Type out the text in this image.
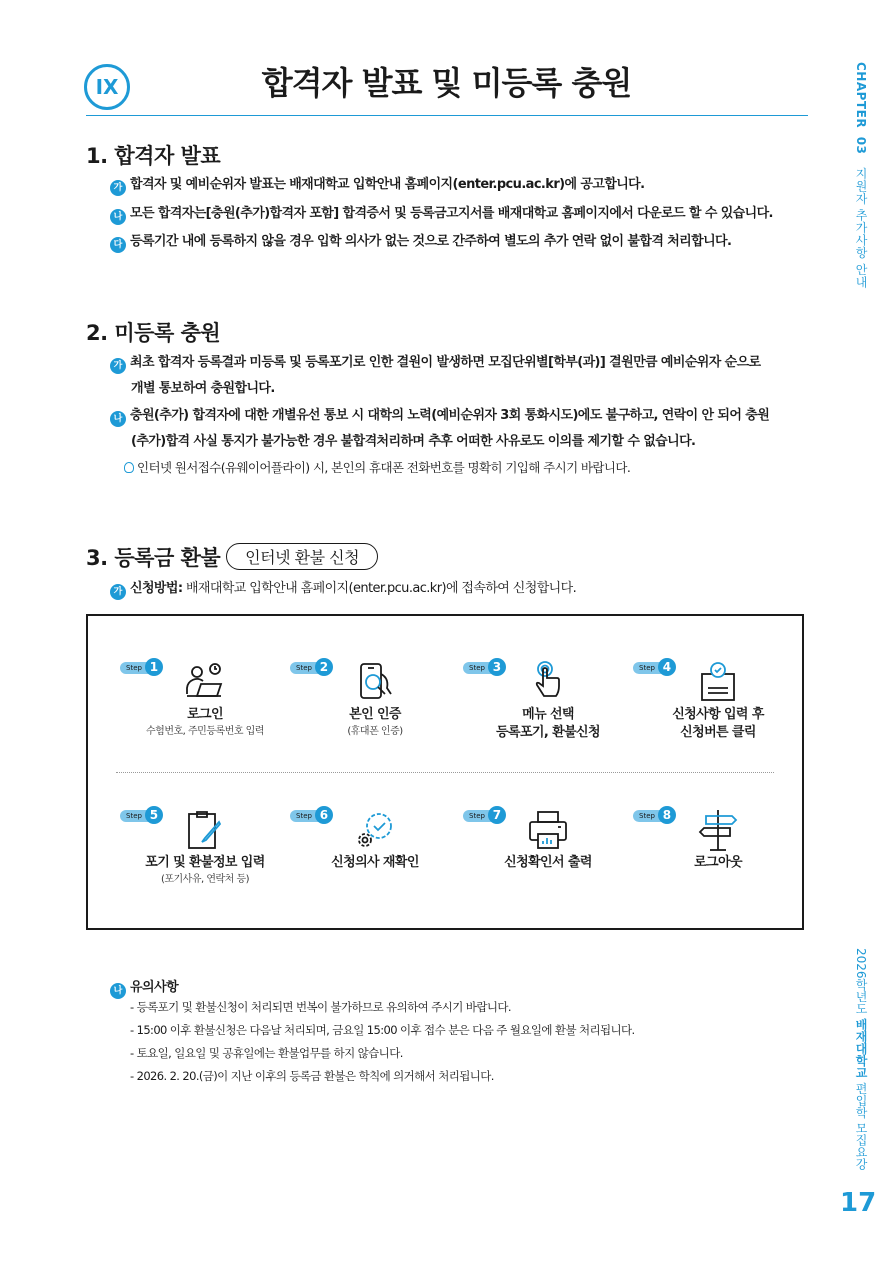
IX	합격자 발표 및 미등록 충원	CHAPTER  03   지원자 추가사항 안내
2026학년도 배재대학교 편입학 모집요강
17
1. 합격자 발표
가 합격자 및 예비순위자 발표는 배재대학교 입학안내 홈페이지(enter.pcu.ac.kr)에 공고합니다.
나 모든 합격자는[충원(추가)합격자 포함] 합격증서 및 등록금고지서를 배재대학교 홈페이지에서 다운로드 할 수 있습니다.
다 등록기간 내에 등록하지 않을 경우 입학 의사가 없는 것으로 간주하여 별도의 추가 연락 없이 불합격 처리합니다.
2. 미등록 충원
가 최초 합격자 등록결과 미등록 및 등록포기로 인한 결원이 발생하면 모집단위별[학부(과)] 결원만큼 예비순위자 순으로
개별 통보하여 충원합니다.
나 충원(추가) 합격자에 대한 개별유선 통보 시 대학의 노력(예비순위자 3회 통화시도)에도 불구하고, 연락이 안 되어 충원
(추가)합격 사실 통지가 불가능한 경우 불합격처리하며 추후 어떠한 사유로도 이의를 제기할 수 없습니다.
인터넷 원서접수(유웨이어플라이) 시, 본인의 휴대폰 전화번호를 명확히 기입해 주시기 바랍니다.
3. 등록금 환불 인터넷 환불 신청
가 신청방법: 배재대학교 입학안내 홈페이지(enter.pcu.ac.kr)에 접속하여 신청합니다.
Step 1
로그인
수험번호, 주민등록번호 입력
Step 2
본인 인증
(휴대폰 인증)
Step 3
메뉴 선택
등록포기, 환불신청
Step 4
신청사항 입력 후
신청버튼 클릭
Step 5
포기 및 환불정보 입력
(포기사유, 연락처 등)
Step 6
신청의사 재확인
Step 7
신청확인서 출력
Step 8
로그아웃
나 유의사항
- 등록포기 및 환불신청이 처리되면 번복이 불가하므로 유의하여 주시기 바랍니다.
- 15:00 이후 환불신청은 다음날 처리되며, 금요일 15:00 이후 접수 분은 다음 주 월요일에 환불 처리됩니다.
- 토요일, 일요일 및 공휴일에는 환불업무를 하지 않습니다.
- 2026. 2. 20.(금)이 지난 이후의 등록금 환불은 학칙에 의거해서 처리됩니다.
